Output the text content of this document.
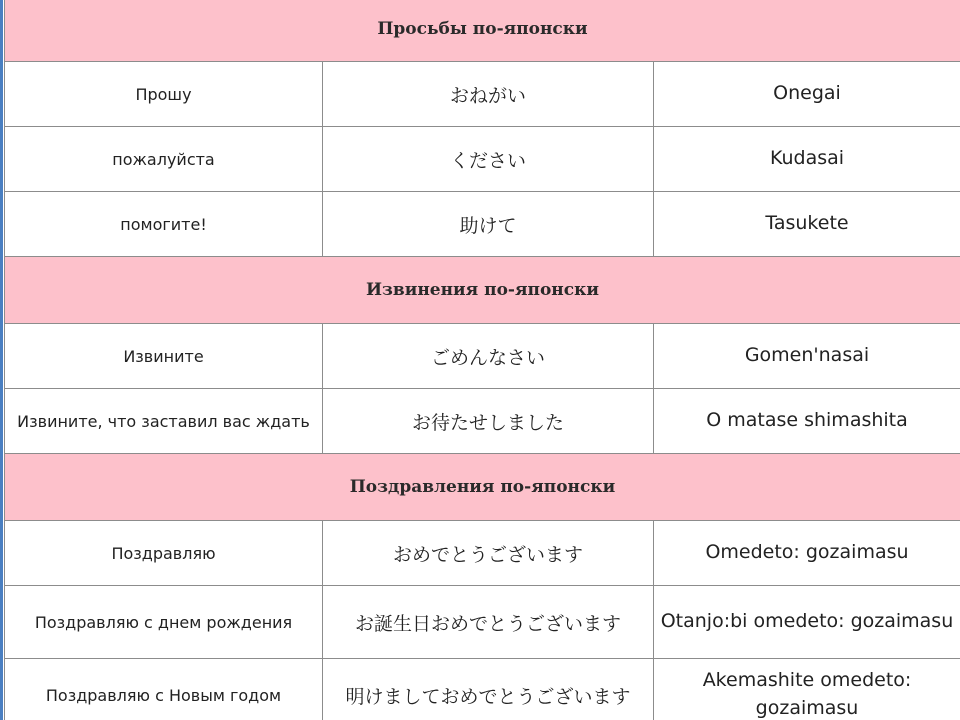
Просьбы по-японски		
Прошу	おねがい	Onegai
пожалуйста	ください	Kudasai
помогите!	助けて	Tasukete
Извинения по-японски		
Извините	ごめんなさい	Gomen'nasai
Извините, что заставил вас ждать	お待たせしました	O matase shimashita
Поздравления по-японски		
Поздравляю	おめでとうございます	Omedeto: gozaimasu
Поздравляю с днем рождения	お誕生日おめでとうございます	Otanjo:bi omedeto: gozaimasu
Поздравляю с Новым годом	明けましておめでとうございます	Akemashite omedeto: gozaimasu
